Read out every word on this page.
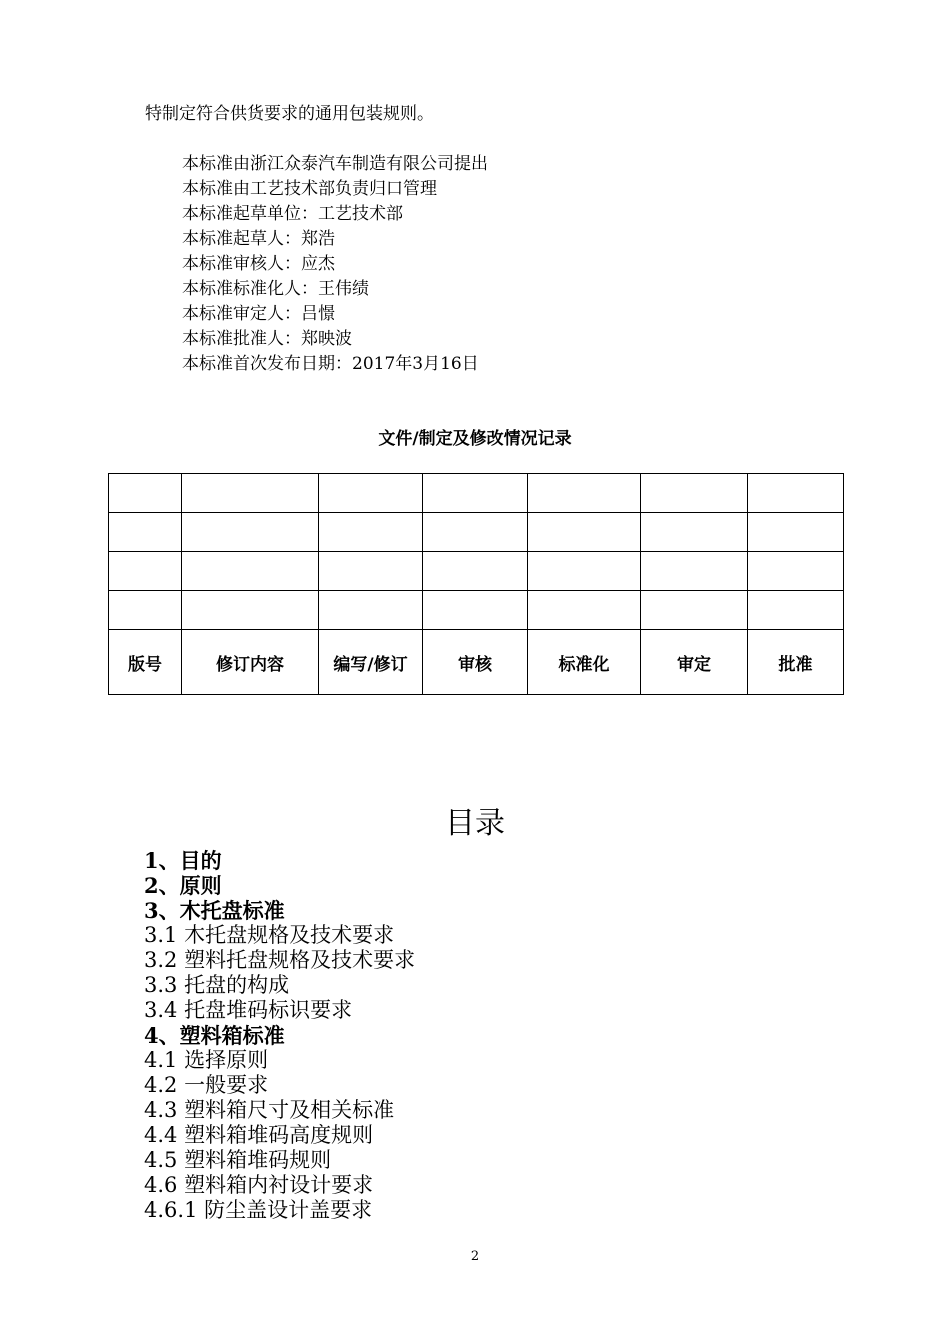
特制定符合供货要求的通用包装规则。

本标准由浙江众泰汽车制造有限公司提出
本标准由工艺技术部负责归口管理
本标准起草单位：工艺技术部
本标准起草人：郑浩
本标准审核人：应杰
本标准标准化人：王伟绩
本标准审定人：吕憬
本标准批准人：郑映波
本标准首次发布日期：2017年3月16日
文件/制定及修改情况记录

版号	修订内容	编写/修订	审核	标准化	审定	批准
目录
1、目的
2、原则
3、木托盘标准
3.1 木托盘规格及技术要求
3.2 塑料托盘规格及技术要求
3.3 托盘的构成
3.4 托盘堆码标识要求
4、塑料箱标准
4.1 选择原则
4.2 一般要求
4.3 塑料箱尺寸及相关标准
4.4 塑料箱堆码高度规则
4.5 塑料箱堆码规则
4.6 塑料箱内衬设计要求
4.6.1 防尘盖设计盖要求
2
